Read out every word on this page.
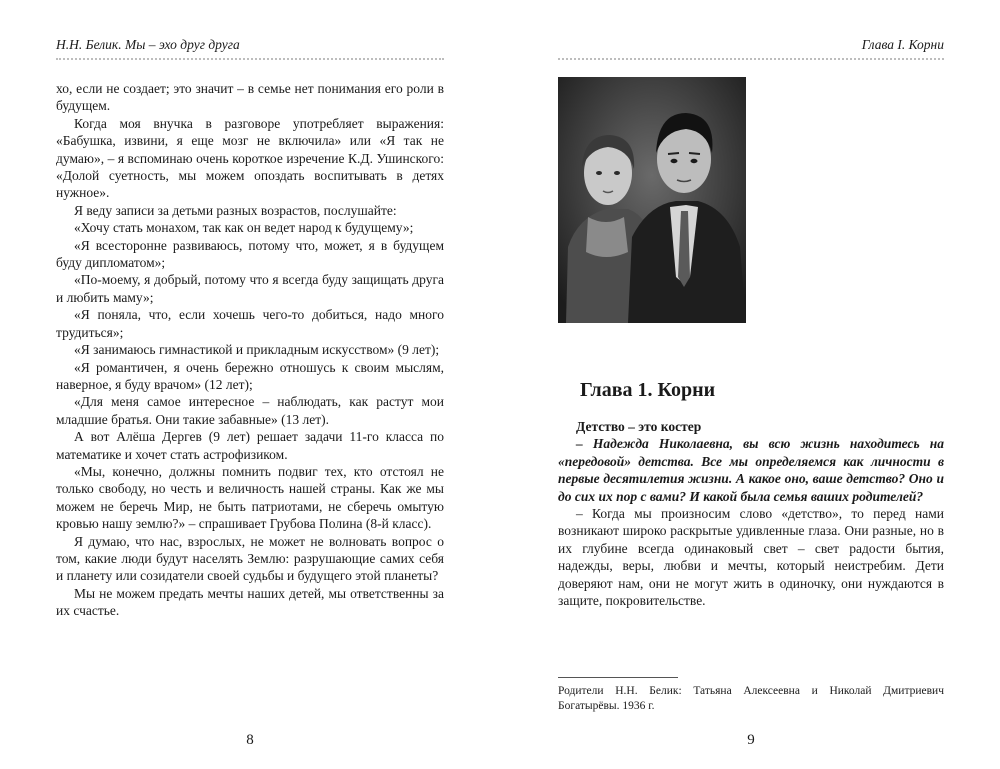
Н.Н. Белик. Мы – эхо друг друга

хо, если не создает; это значит – в семье нет понимания его роли в будущем.

Когда моя внучка в разговоре употребляет выражения: «Бабушка, извини, я еще мозг не включила» или «Я так не думаю», – я вспоминаю очень короткое изречение К.Д. Ушинского: «Долой суетность, мы можем опоздать воспитывать в детях нужное».

Я веду записи за детьми разных возрастов, послушайте:

«Хочу стать монахом, так как он ведет народ к будущему»;

«Я всесторонне развиваюсь, потому что, может, я в будущем буду дипломатом»;

«По-моему, я добрый, потому что я всегда буду защищать друга и любить маму»;

«Я поняла, что, если хочешь чего-то добиться, надо много трудиться»;

«Я занимаюсь гимнастикой и прикладным искусством» (9 лет);

«Я романтичен, я очень бережно отношусь к своим мыслям, наверное, я буду врачом» (12 лет);

«Для меня самое интересное – наблюдать, как растут мои младшие братья. Они такие забавные» (13 лет).

А вот Алёша Дергев (9 лет) решает задачи 11-го класса по математике и хочет стать астрофизиком.

«Мы, конечно, должны помнить подвиг тех, кто отстоял не только свободу, но честь и величность нашей страны. Как же мы можем не беречь Мир, не быть патриотами, не сберечь омытую кровью нашу землю?» – спрашивает Грубова Полина (8-й класс).

Я думаю, что нас, взрослых, не может не волновать вопрос о том, какие люди будут населять Землю: разрушающие самих себя и планету или созидатели своей судьбы и будущего этой планеты?

Мы не можем предать мечты наших детей, мы ответственны за их счастье.

8
Глава I. Корни
Глава 1. Корни

Детство – это костер

– Надежда Николаевна, вы всю жизнь находитесь на «передовой» детства. Все мы определяемся как личности в первые десятилетия жизни. А какое оно, ваше детство? Оно и до сих их пор с вами? И какой была семья ваших родителей?

– Когда мы произносим слово «детство», то перед нами возникают широко раскрытые удивленные глаза. Они разные, но в их глубине всегда одинаковый свет – свет радости бытия, надежды, веры, любви и мечты, который неистребим. Дети доверяют нам, они не могут жить в одиночку, они нуждаются в защите, покровительстве.

Родители Н.Н. Белик: Татьяна Алексеевна и Николай Дмитриевич Богатырёвы. 1936 г.
9
